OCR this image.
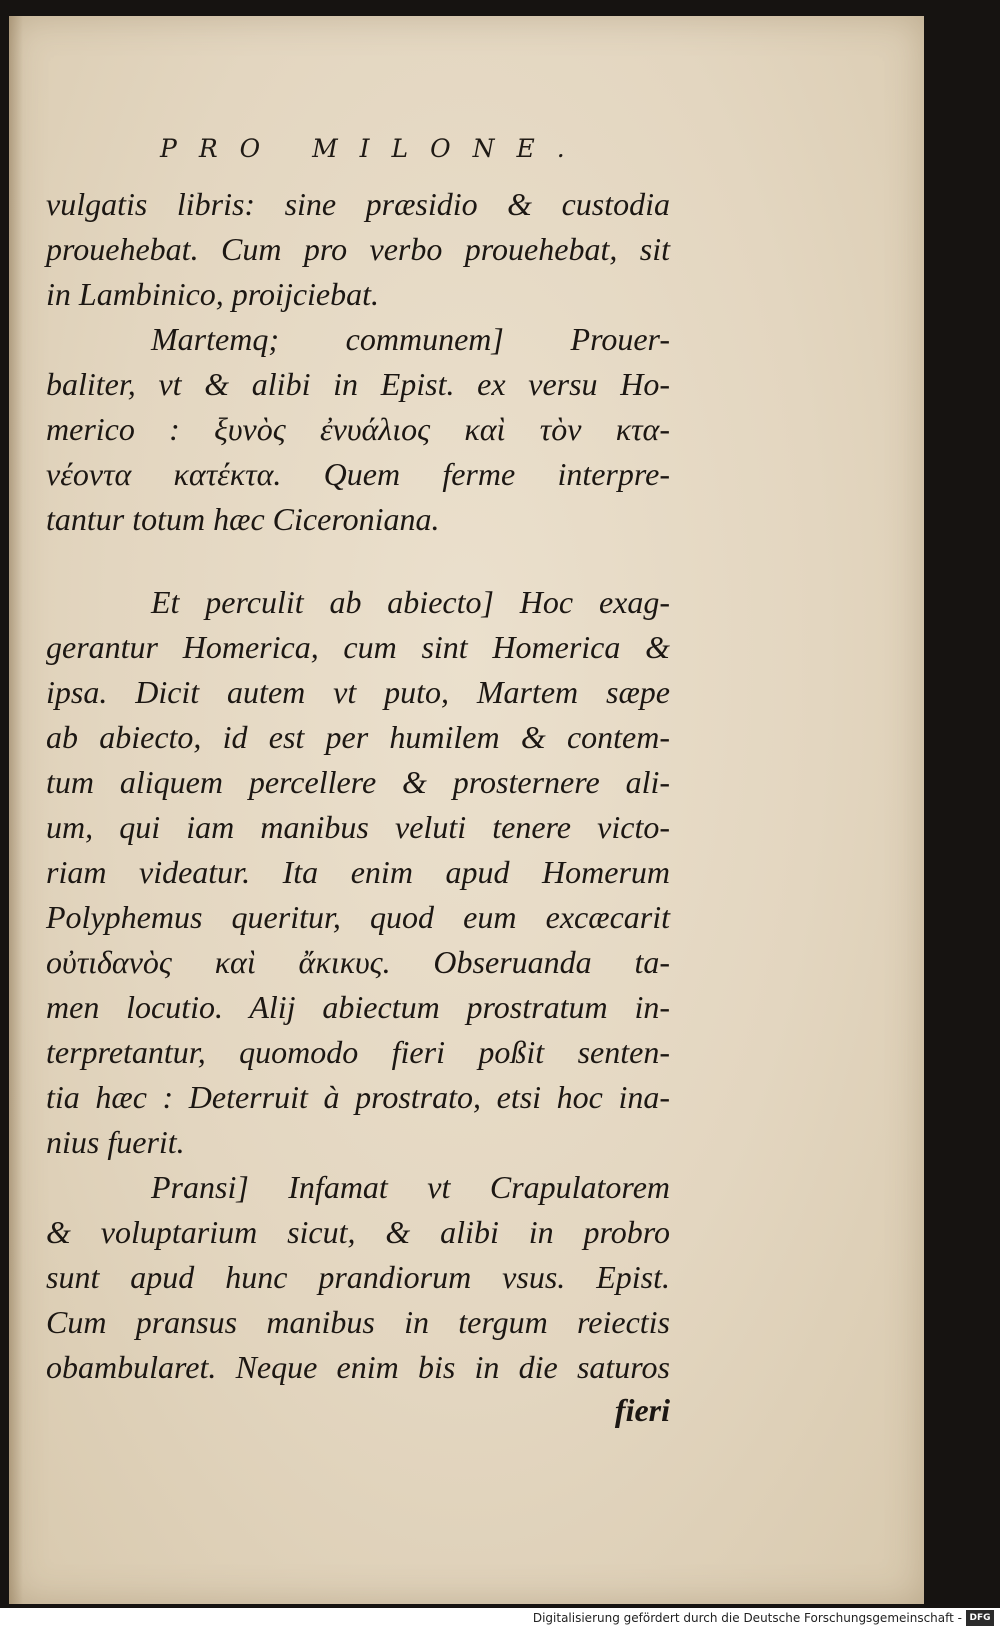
PRO MILONE.

vulgatis libris: sine præsidio & custodia
prouehebat. Cum pro verbo prouehebat, sit
in Lambinico, proijciebat.
Martemq; communem] Prouer-
baliter, vt & alibi in Epist. ex versu Ho-
merico : ξυνὸς ἐνυάλιος καὶ τὸν κτα-
νέοντα κατέκτα. Quem ferme interpre-
tantur totum hæc Ciceroniana.
Et perculit ab abiecto] Hoc exag-
gerantur Homerica, cum sint Homerica &
ipsa. Dicit autem vt puto, Martem sæpe
ab abiecto, id est per humilem & contem-
tum aliquem percellere & prosternere ali-
um, qui iam manibus veluti tenere victo-
riam videatur. Ita enim apud Homerum
Polyphemus queritur, quod eum excæcarit
οὐτιδανὸς καὶ ἄκικυς. Obseruanda ta-
men locutio. Alij abiectum prostratum in-
terpretantur, quomodo fieri poßit senten-
tia hæc : Deterruit à prostrato, etsi hoc ina-
nius fuerit.
Pransi] Infamat vt Crapulatorem
& voluptarium sicut, & alibi in probro
sunt apud hunc prandiorum vsus. Epist.
Cum pransus manibus in tergum reiectis
obambularet. Neque enim bis in die saturos

fieri

Digitalisierung gefördert durch die Deutsche Forschungsgemeinschaft - DFG
